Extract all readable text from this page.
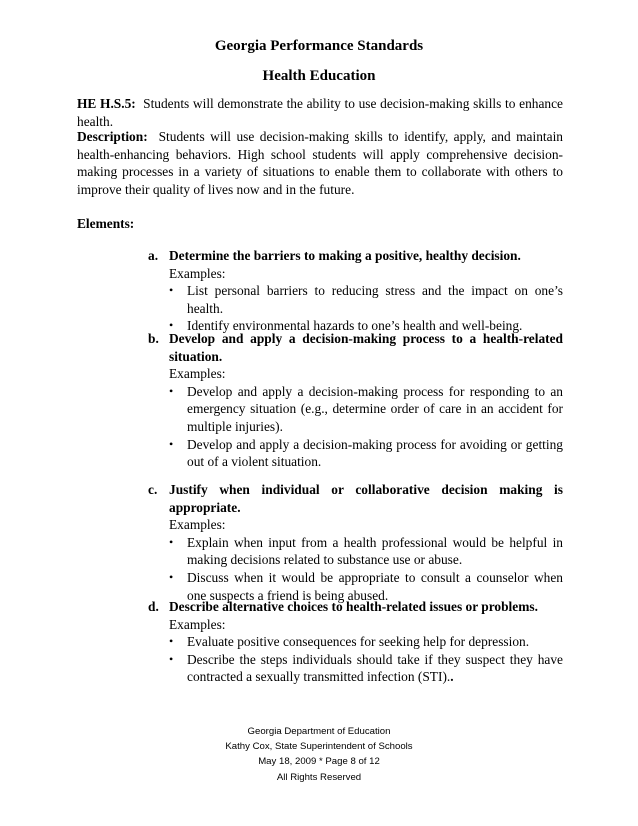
Georgia Performance Standards
Health Education
HE H.S.5: Students will demonstrate the ability to use decision-making skills to enhance health.
Description: Students will use decision-making skills to identify, apply, and maintain health-enhancing behaviors. High school students will apply comprehensive decision-making processes in a variety of situations to enable them to collaborate with others to improve their quality of lives now and in the future.
Elements:
a. Determine the barriers to making a positive, healthy decision.
Examples:
•	List personal barriers to reducing stress and the impact on one’s health.
•	Identify environmental hazards to one’s health and well-being.
b. Develop and apply a decision-making process to a health-related situation.
Examples:
•	Develop and apply a decision-making process for responding to an emergency situation (e.g., determine order of care in an accident for multiple injuries).
•	Develop and apply a decision-making process for avoiding or getting out of a violent situation.
c. Justify when individual or collaborative decision making is appropriate.
Examples:
•	Explain when input from a health professional would be helpful in making decisions related to substance use or abuse.
•	Discuss when it would be appropriate to consult a counselor when one suspects a friend is being abused.
d. Describe alternative choices to health-related issues or problems.
Examples:
•	Evaluate positive consequences for seeking help for depression.
•	Describe the steps individuals should take if they suspect they have contracted a sexually transmitted infection (STI)..
Georgia Department of Education
Kathy Cox, State Superintendent of Schools
May 18, 2009 * Page 8 of 12
All Rights Reserved
